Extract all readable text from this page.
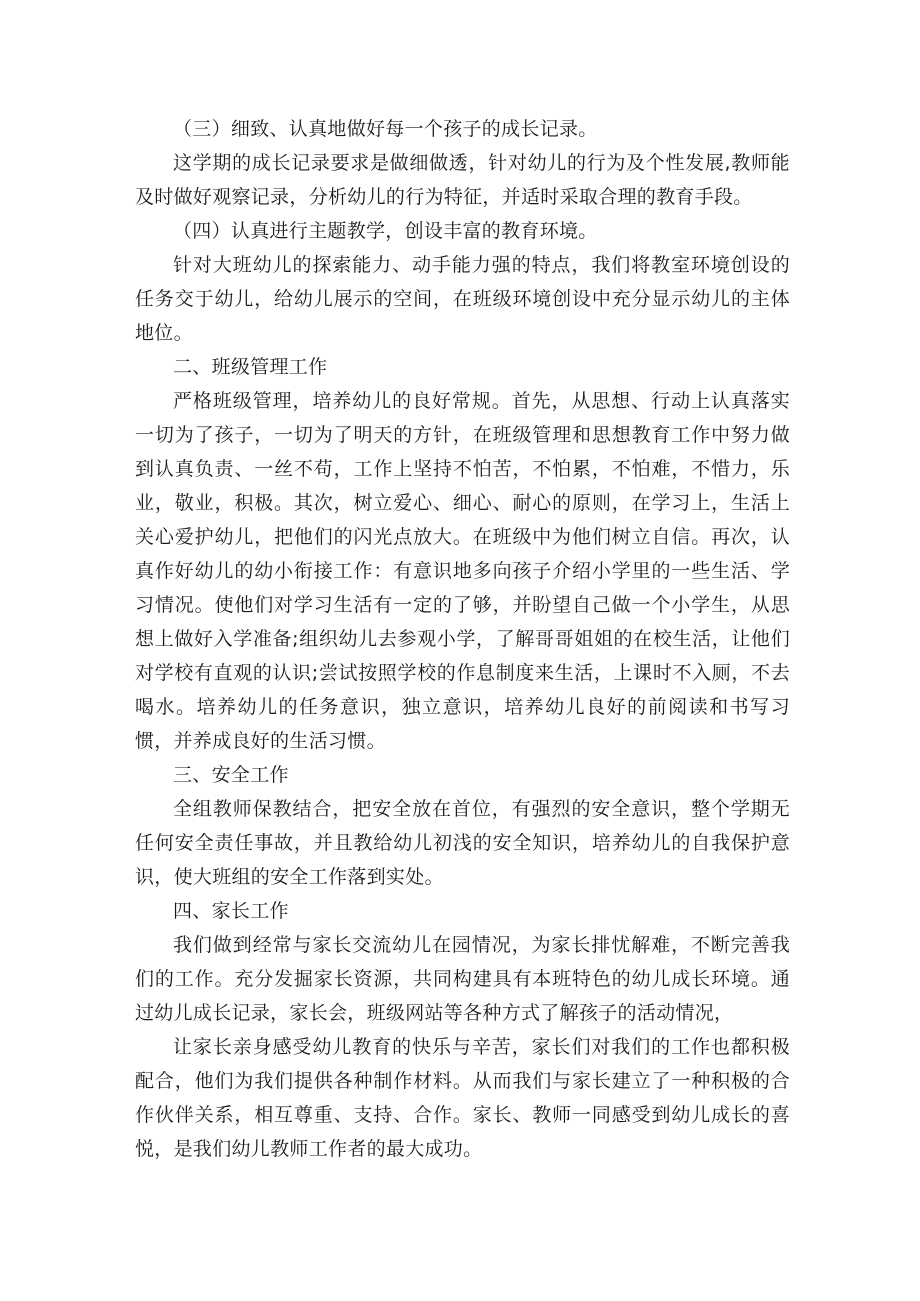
（三）细致、认真地做好每一个孩子的成长记录。

这学期的成长记录要求是做细做透，针对幼儿的行为及个性发展,教师能及时做好观察记录，分析幼儿的行为特征，并适时采取合理的教育手段。

（四）认真进行主题教学，创设丰富的教育环境。

针对大班幼儿的探索能力、动手能力强的特点，我们将教室环境创设的任务交于幼儿，给幼儿展示的空间，在班级环境创设中充分显示幼儿的主体地位。

二、班级管理工作

严格班级管理，培养幼儿的良好常规。首先，从思想、行动上认真落实一切为了孩子，一切为了明天的方针，在班级管理和思想教育工作中努力做到认真负责、一丝不苟，工作上坚持不怕苦，不怕累，不怕难，不惜力，乐业，敬业，积极。其次，树立爱心、细心、耐心的原则，在学习上，生活上关心爱护幼儿，把他们的闪光点放大。在班级中为他们树立自信。再次，认真作好幼儿的幼小衔接工作：有意识地多向孩子介绍小学里的一些生活、学习情况。使他们对学习生活有一定的了够，并盼望自己做一个小学生，从思想上做好入学准备;组织幼儿去参观小学，了解哥哥姐姐的在校生活，让他们对学校有直观的认识;尝试按照学校的作息制度来生活，上课时不入厕，不去喝水。培养幼儿的任务意识，独立意识，培养幼儿良好的前阅读和书写习惯，并养成良好的生活习惯。

三、安全工作

全组教师保教结合，把安全放在首位，有强烈的安全意识，整个学期无任何安全责任事故，并且教给幼儿初浅的安全知识，培养幼儿的自我保护意识，使大班组的安全工作落到实处。

四、家长工作

我们做到经常与家长交流幼儿在园情况，为家长排忧解难，不断完善我们的工作。充分发掘家长资源，共同构建具有本班特色的幼儿成长环境。通过幼儿成长记录，家长会，班级网站等各种方式了解孩子的活动情况，

让家长亲身感受幼儿教育的快乐与辛苦，家长们对我们的工作也都积极配合，他们为我们提供各种制作材料。从而我们与家长建立了一种积极的合作伙伴关系，相互尊重、支持、合作。家长、教师一同感受到幼儿成长的喜悦，是我们幼儿教师工作者的最大成功。
